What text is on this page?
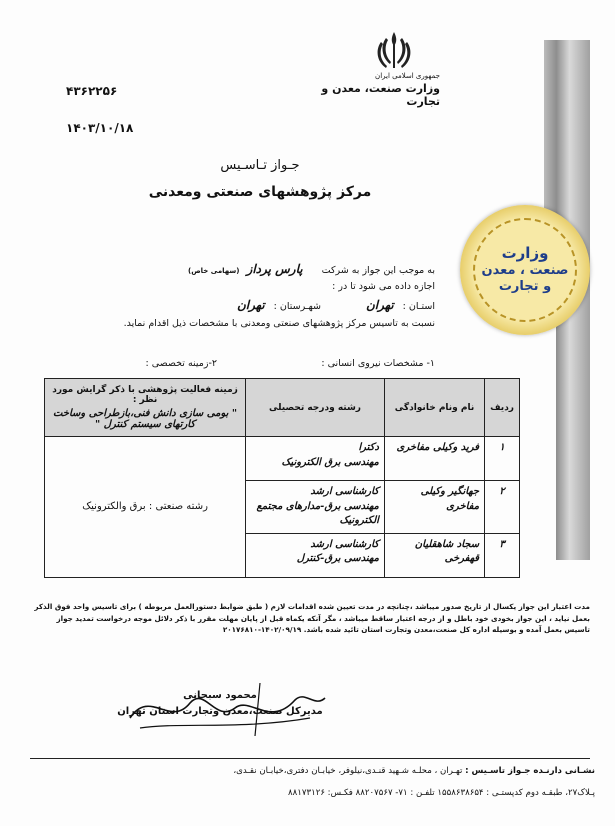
وزارت
صنعت ، معدن
و تجارت
جمهوری اسلامی ایران
وزارت صنعت، معدن و تجارت
۴۳۶۲۲۵۶
۱۴۰۳/۱۰/۱۸
جـواز تـاسـيس
مرکز پژوهشهای صنعتی ومعدنی
به موجب این جواز به شرکت پارس پرداز (سهامی خاص)
اجازه داده می شود تا در :
استـان : تهران شهـرستان : تهران
نسبت به تاسیس مرکز پژوهشهای صنعتی ومعدنی با مشخصات ذیل اقدام نماید.
۱- مشخصات نیروی انسانی :
۲-زمینه تخصصی :
ردیف	نام ونام خانوادگی	رشته ودرجه تحصیلی	زمینه فعالیت پژوهشی با ذکر گرایش مورد نظر :
" بومی سازی دانش فنی،بازطراحی وساخت کارتهای سیستم کنترل "

۱	فرید وکیلی مفاخری	دکترا
مهندسی برق الکترونیک	رشته صنعتی : برق والکترونیک
۲	جهانگیر وکیلی مفاخری	کارشناسی ارشد
مهندسی برق-مدارهای مجتمع الکترونیک	

۳	سجاد شاهقلیان قهفرخی	کارشناسی ارشد
مهندسی برق-کنترل	
مدت اعتبار این جواز یکسال از تاریخ صدور میباشد ،چنانچه در مدت تعیین شده اقدامات لازم ( طبق ضوابط دستورالعمل مربوطه ) برای تاسیس واحد فوق الذکر بعمل نیاید ، این جواز بخودی خود باطل و از درجه اعتبار ساقط میباشد ، مگر آنکه یکماه قبل از پایان مهلت مقرر با ذکر دلائل موجه درخواست تمدید جواز تاسیس بعمل آمده و بوسیله اداره کل صنعت،معدن وتجارت استان تائید شده باشد. ۱۴۰۲/۰۹/۱۹-۲۰۱۷۶۸۱۰
محمود سبحانی
مدیرکل صنعت،معدن وتجارت استان تهران
نشـانی دارنـده جـواز تاسـیس : تهـران ، محلـه شـهید قنـدی،نیلوفر، خیابـان دفتری،خیابـان نقـدی،
پـلاک۲۷، طبقـه دوم کدپستـی : ۱۵۵۸۶۳۸۶۵۴ تلفـن : ۷۱- ۸۸۲۰۷۵۶۷ فکـس: ۸۸۱۷۳۱۲۶
